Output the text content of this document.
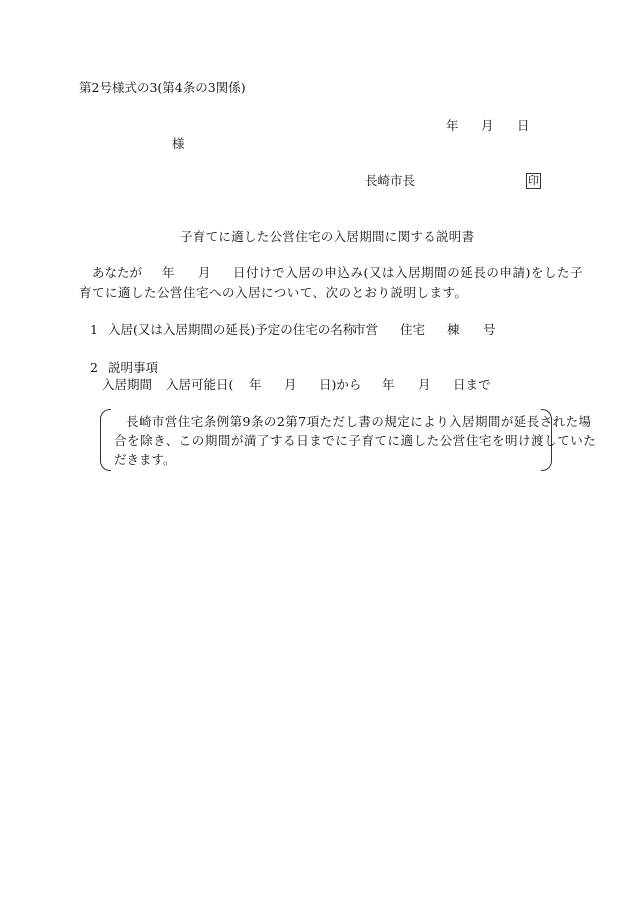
第2号様式の3(第4条の3関係)
年 月 日
様
長崎市長	印
子育てに適した公営住宅の入居期間に関する説明書
あなたが 年 月 日付けで入居の申込み(又は入居期間の延長の申請)をした子
育てに適した公営住宅への入居について、次のとおり説明します。
1 入居(又は入居期間の延長)予定の住宅の名称
市営 住宅 棟 号
2 説明事項
入居期間 入居可能日( 年 月 日)から 年 月 日まで
長崎市営住宅条例第9条の2第7項ただし書の規定により入居期間が延長された場
合を除き、この期間が満了する日までに子育てに適した公営住宅を明け渡していた
だきます。
